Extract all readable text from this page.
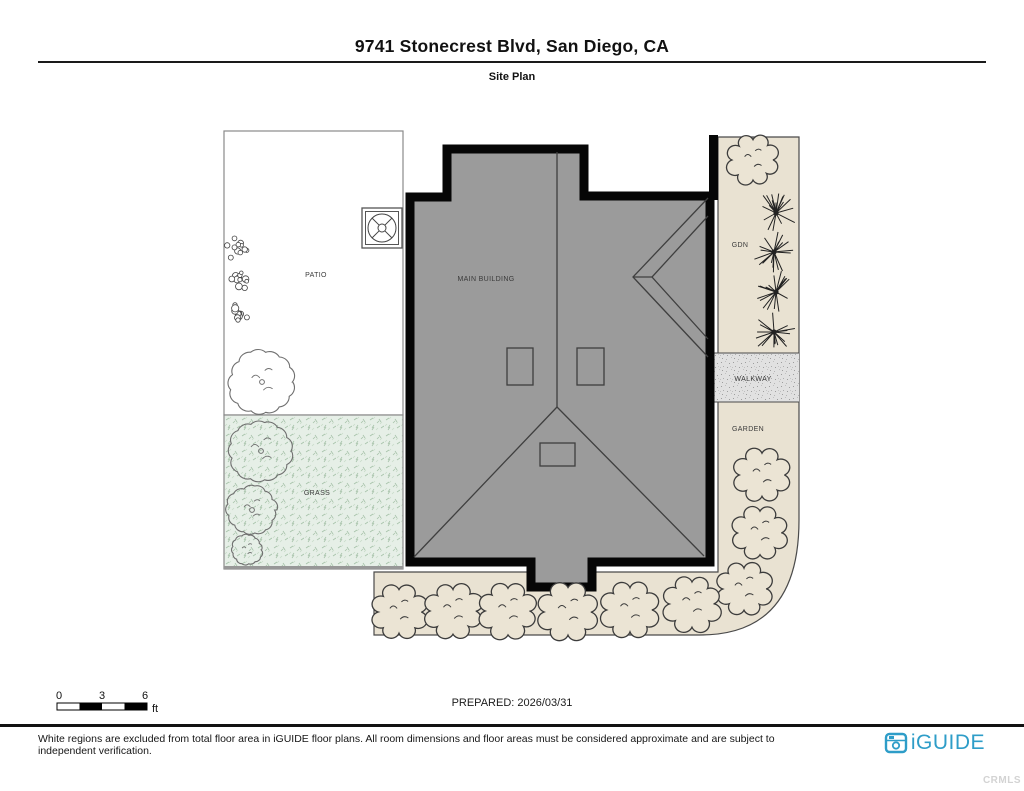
9741 Stonecrest Blvd, San Diego, CA
Site Plan
PATIO
MAIN BUILDING
GDN
WALKWAY
GARDEN
GRASS
0	3	6
ft	PREPARED: 2026/03/31
White regions are excluded from total floor area in iGUIDE floor plans. All room dimensions and floor areas must be considered approximate and are subject to independent verification.	iGUIDE
CRMLS
